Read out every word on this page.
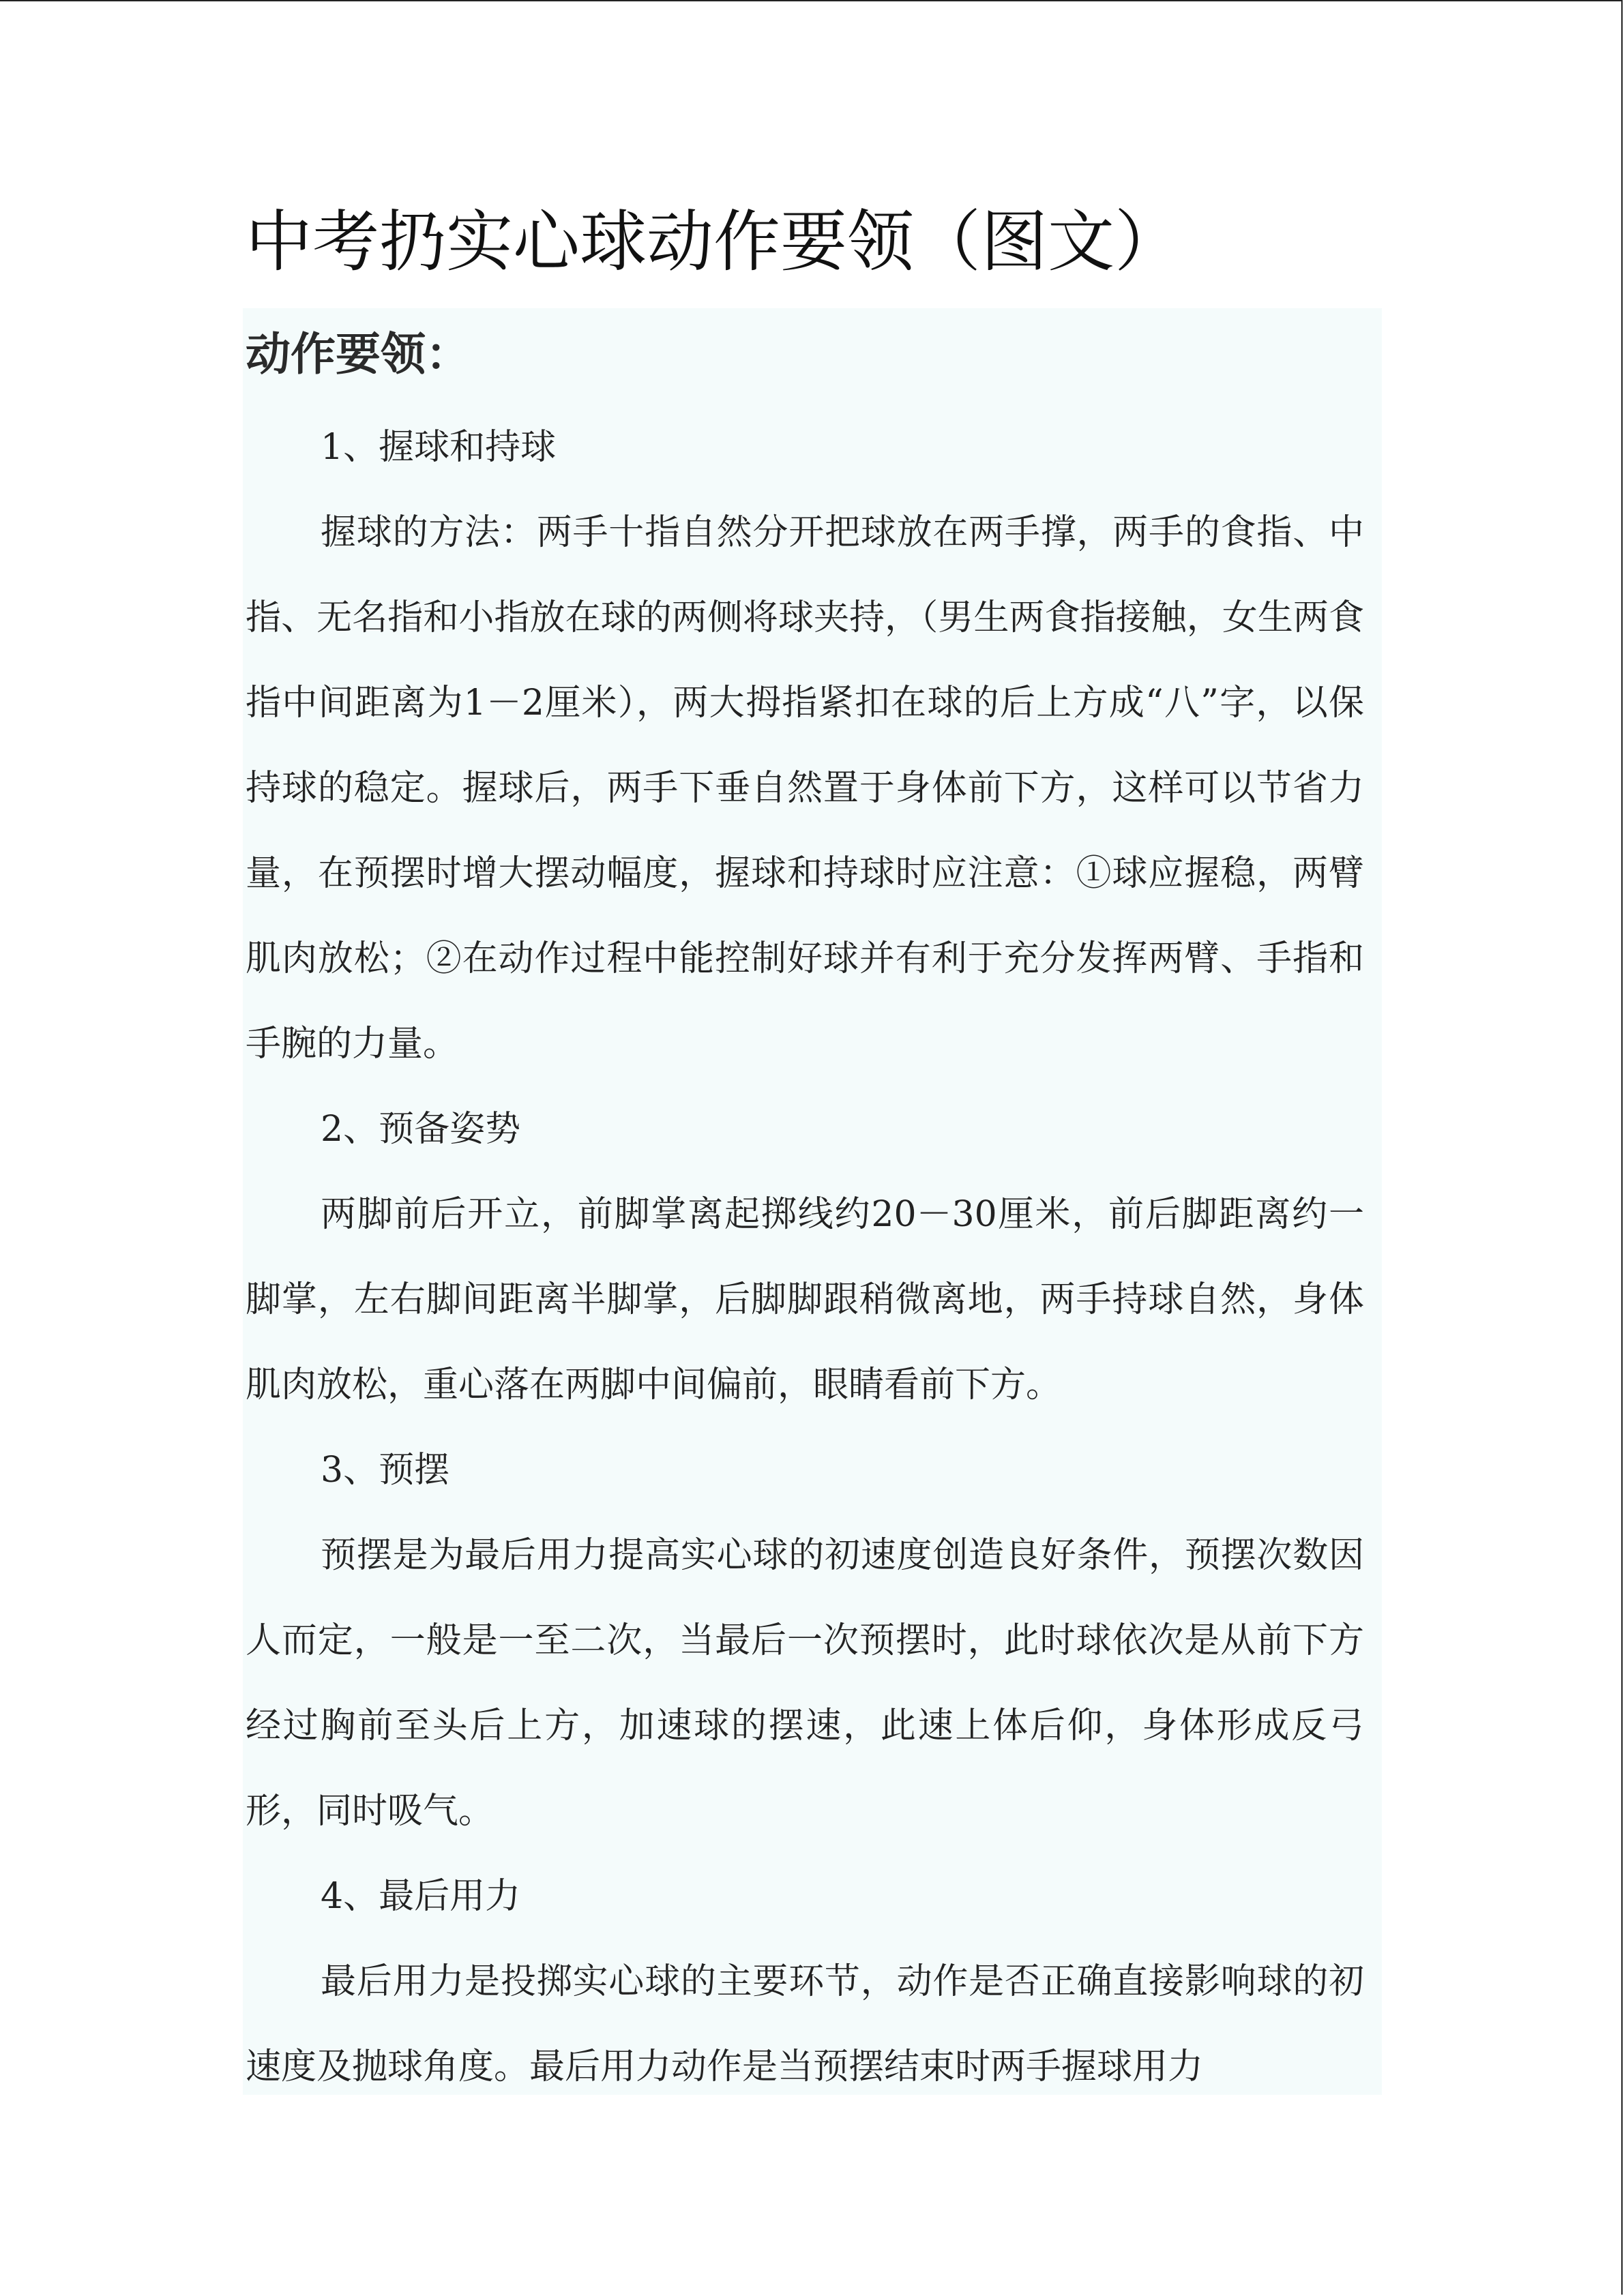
中考扔实心球动作要领（图文）
动作要领：

1、握球和持球

握球的方法：两手十指自然分开把球放在两手撑，两手的食指、中指、无名指和小指放在球的两侧将球夹持，（男生两食指接触，女生两食指中间距离为1－2厘米），两大拇指紧扣在球的后上方成“八”字，以保持球的稳定。握球后，两手下垂自然置于身体前下方，这样可以节省力量，在预摆时增大摆动幅度，握球和持球时应注意：①球应握稳，两臂肌肉放松；②在动作过程中能控制好球并有利于充分发挥两臂、手指和手腕的力量。

2、预备姿势

两脚前后开立，前脚掌离起掷线约20－30厘米，前后脚距离约一脚掌，左右脚间距离半脚掌，后脚脚跟稍微离地，两手持球自然，身体肌肉放松，重心落在两脚中间偏前，眼睛看前下方。

3、预摆

预摆是为最后用力提高实心球的初速度创造良好条件，预摆次数因人而定，一般是一至二次，当最后一次预摆时，此时球依次是从前下方经过胸前至头后上方，加速球的摆速，此速上体后仰，身体形成反弓形，同时吸气。

4、最后用力

最后用力是投掷实心球的主要环节，动作是否正确直接影响球的初速度及抛球角度。最后用力动作是当预摆结束时两手握球用力
